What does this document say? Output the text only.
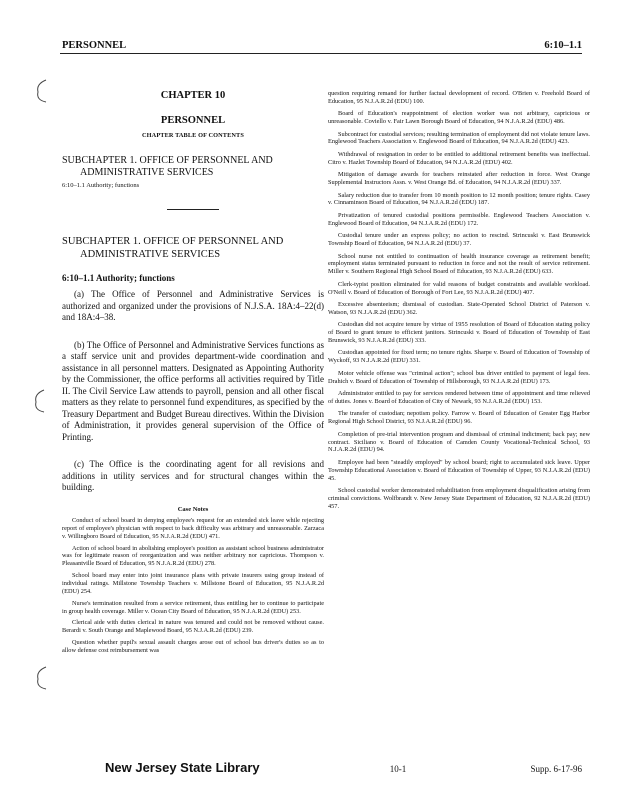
PERSONNEL	6:10–1.1

CHAPTER 10

PERSONNEL

CHAPTER TABLE OF CONTENTS
SUBCHAPTER 1. OFFICE OF PERSONNEL AND
ADMINISTRATIVE SERVICES
6:10–1.1 Authority; functions
SUBCHAPTER 1. OFFICE OF PERSONNEL AND
ADMINISTRATIVE SERVICES
6:10–1.1 Authority; functions
(a) The Office of Personnel and Administrative Services is authorized and organized under the provisions of N.J.S.A. 18A:4–22(d) and 18A:4–38.
(b) The Office of Personnel and Administrative Services functions as a staff service unit and provides department-wide coordination and assistance in all personnel matters. Designated as Appointing Authority by the Commissioner, the office performs all activities required by Title II. The Civil Service Law attends to payroll, pension and all other fiscal matters as they relate to personnel fund expenditures, as specified by the Treasury Department and Budget Bureau directives. Within the Division of Administration, it provides general supervision of the Office of Printing.
(c) The Office is the coordinating agent for all revisions and additions in utility services and for structural changes within the building.
Case Notes
Conduct of school board in denying employee's request for an extended sick leave while rejecting report of employee's physician with respect to back difficulty was arbitrary and unreasonable. Zarzaca v. Willingboro Board of Education, 95 N.J.A.R.2d (EDU) 471.
Action of school board in abolishing employee's position as assistant school business administrator was for legitimate reason of reorganization and was neither arbitrary nor capricious. Thompson v. Pleasantville Board of Education, 95 N.J.A.R.2d (EDU) 278.
School board may enter into joint insurance plans with private insurers using group instead of individual ratings. Millstone Township Teachers v. Millstone Board of Education, 95 N.J.A.R.2d (EDU) 254.
Nurse's termination resulted from a service retirement, thus entitling her to continue to participate in group health coverage. Miller v. Ocean City Board of Education, 95 N.J.A.R.2d (EDU) 253.
Clerical aide with duties clerical in nature was tenured and could not be removed without cause. Berardi v. South Orange and Maplewood Board, 95 N.J.A.R.2d (EDU) 239.
Question whether pupil's sexual assault charges arose out of school bus driver's duties so as to allow defense cost reimbursement was

question requiring remand for further factual development of record. O'Brien v. Freehold Board of Education, 95 N.J.A.R.2d (EDU) 100.

Board of Education's reappointment of election worker was not arbitrary, capricious or unreasonable. Coviello v. Fair Lawn Borough Board of Education, 94 N.J.A.R.2d (EDU) 486.

Subcontract for custodial services; resulting termination of employment did not violate tenure laws. Englewood Teachers Association v. Englewood Board of Education, 94 N.J.A.R.2d (EDU) 423.

Withdrawal of resignation in order to be entitled to additional retirement benefits was ineffectual. Citro v. Hazlet Township Board of Education, 94 N.J.A.R.2d (EDU) 402.

Mitigation of damage awards for teachers reinstated after reduction in force. West Orange Supplemental Instructors Assn. v. West Orange Bd. of Education, 94 N.J.A.R.2d (EDU) 337.

Salary reduction due to transfer from 10 month position to 12 month position; tenure rights. Casey v. Cinnaminson Board of Education, 94 N.J.A.R.2d (EDU) 187.

Privatization of tenured custodial positions permissible. Englewood Teachers Association v. Englewood Board of Education, 94 N.J.A.R.2d (EDU) 172.

Custodial tenure under an express policy; no action to rescind. Strincuski v. East Brunswick Township Board of Education, 94 N.J.A.R.2d (EDU) 37.

School nurse not entitled to continuation of health insurance coverage as retirement benefit; employment status terminated pursuant to reduction in force and not the result of service retirement. Miller v. Southern Regional High School Board of Education, 93 N.J.A.R.2d (EDU) 633.

Clerk-typist position eliminated for valid reasons of budget constraints and available workload. O'Neill v. Board of Education of Borough of Fort Lee, 93 N.J.A.R.2d (EDU) 407.

Excessive absenteeism; dismissal of custodian. State-Operated School District of Paterson v. Watson, 93 N.J.A.R.2d (EDU) 362.

Custodian did not acquire tenure by virtue of 1955 resolution of Board of Education stating policy of Board to grant tenure to efficient janitors. Strincuski v. Board of Education of Township of East Brunswick, 93 N.J.A.R.2d (EDU) 333.

Custodian appointed for fixed term; no tenure rights. Sharpe v. Board of Education of Township of Wyckoff, 93 N.J.A.R.2d (EDU) 331.

Motor vehicle offense was "criminal action"; school bus driver entitled to payment of legal fees. Drahich v. Board of Education of Township of Hillsborough, 93 N.J.A.R.2d (EDU) 173.

Administrator entitled to pay for services rendered between time of appointment and time relieved of duties. Jones v. Board of Education of City of Newark, 93 N.J.A.R.2d (EDU) 153.

The transfer of custodian; nepotism policy. Farrow v. Board of Education of Greater Egg Harbor Regional High School District, 93 N.J.A.R.2d (EDU) 96.

Completion of pre-trial intervention program and dismissal of criminal indictment; back pay; new contract. Siciliano v. Board of Education of Camden County Vocational-Technical School, 93 N.J.A.R.2d (EDU) 94.

Employee had been "steadily employed" by school board; right to accumulated sick leave. Upper Township Educational Association v. Board of Education of Township of Upper, 93 N.J.A.R.2d (EDU) 45.

School custodial worker demonstrated rehabilitation from employment disqualification arising from criminal convictions. Wolfbrandt v. New Jersey State Department of Education, 92 N.J.A.R.2d (EDU) 457.

New Jersey State Library	10-1	Supp. 6-17-96
